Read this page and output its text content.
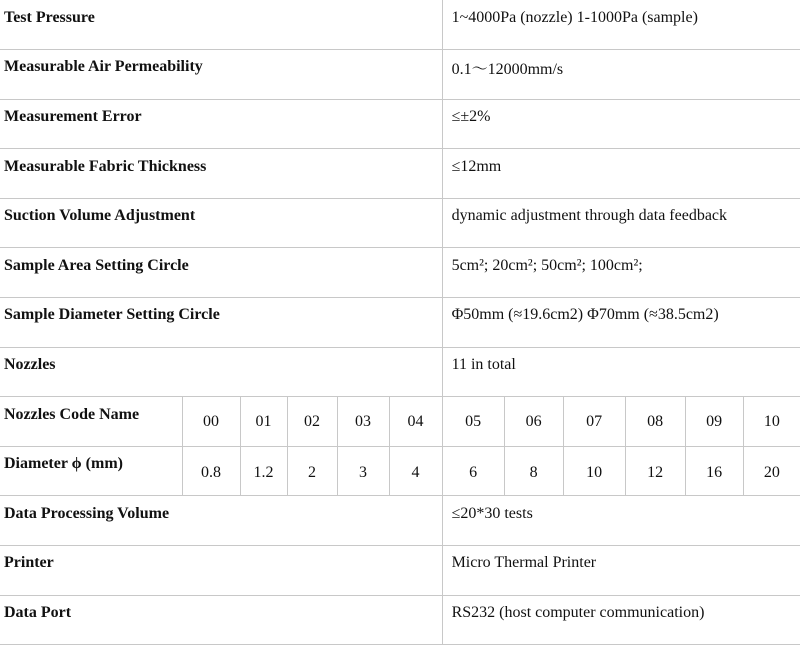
Test Pressure						1~4000Pa (nozzle) 1-1000Pa (sample)					
Measurable Air Permeability						0.1～12000mm/s					
Measurement Error						≤±2%					
Measurable Fabric Thickness						≤12mm					
Suction Volume Adjustment						dynamic adjustment through data feedback					
Sample Area Setting Circle						5cm²; 20cm²; 50cm²; 100cm²;					
Sample Diameter Setting Circle						Φ50mm (≈19.6cm2) Φ70mm (≈38.5cm2)					
Nozzles						11 in total					
Nozzles Code Name	00	01	02	03	04	05	06	07	08	09	10
Diameter ϕ (mm)	0.8	1.2	2	3	4	6	8	10	12	16	20
Data Processing Volume						≤20*30 tests					
Printer						Micro Thermal Printer					
Data Port						RS232 (host computer communication)					
